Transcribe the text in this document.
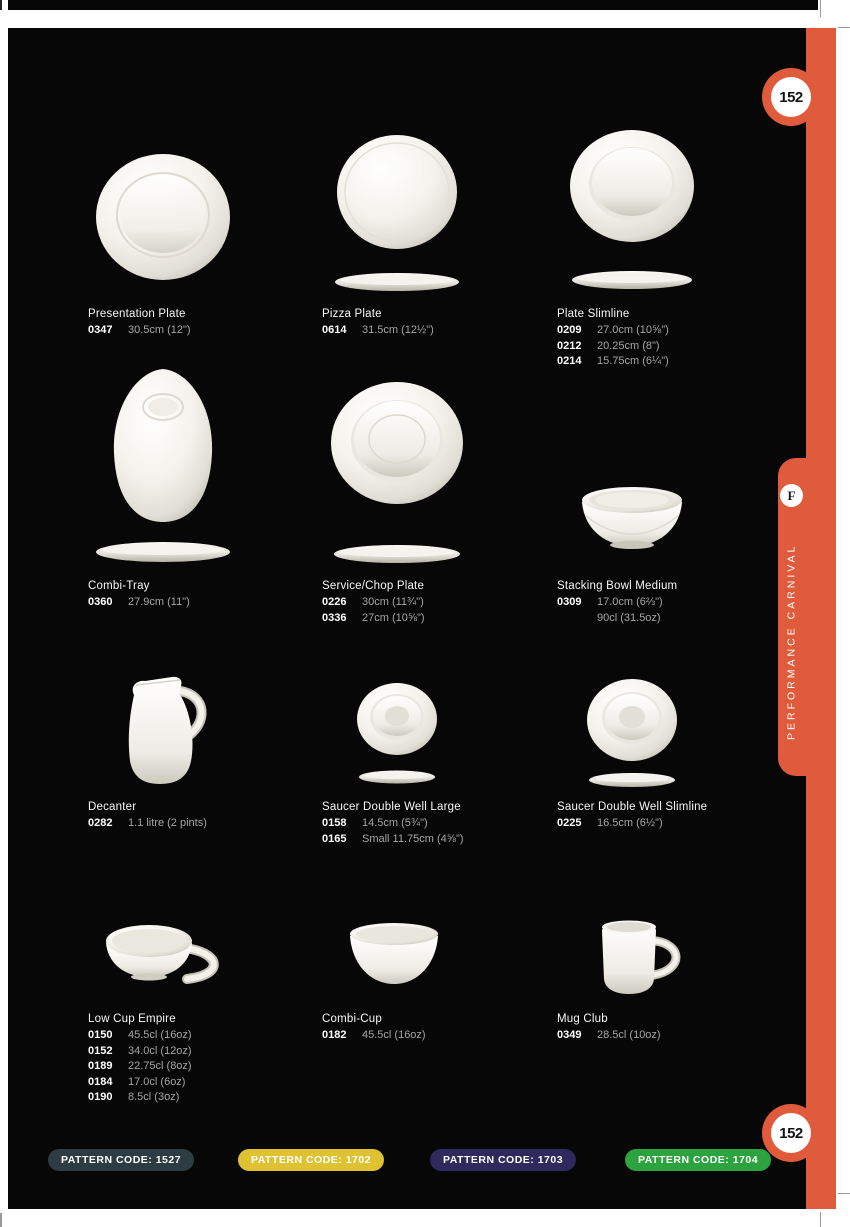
152
152
F
PERFORMANCE CARNIVAL
Presentation Plate
0347 30.5cm (12")
Pizza Plate
0614 31.5cm (12½")
Plate Slimline
0209 27.0cm (10⅝")
0212 20.25cm (8")
0214 15.75cm (6¼")
Combi-Tray
0360 27.9cm (11")
Service/Chop Plate
0226 30cm (11¾")
0336 27cm (10⅝")
Stacking Bowl Medium
0309 17.0cm (6⅔")
90cl (31.5oz)
Decanter
0282 1.1 litre (2 pints)
Saucer Double Well Large
0158 14.5cm (5¾")
0165 Small 11.75cm (4⅝")
Saucer Double Well Slimline
0225 16.5cm (6½")
Low Cup Empire
0150 45.5cl (16oz)
0152 34.0cl (12oz)
0189 22.75cl (8oz)
0184 17.0cl (6oz)
0190 8.5cl (3oz)
Combi-Cup
0182 45.5cl (16oz)
Mug Club
0349 28.5cl (10oz)
PATTERN CODE: 1527	PATTERN CODE: 1702	PATTERN CODE: 1703	PATTERN CODE: 1704
